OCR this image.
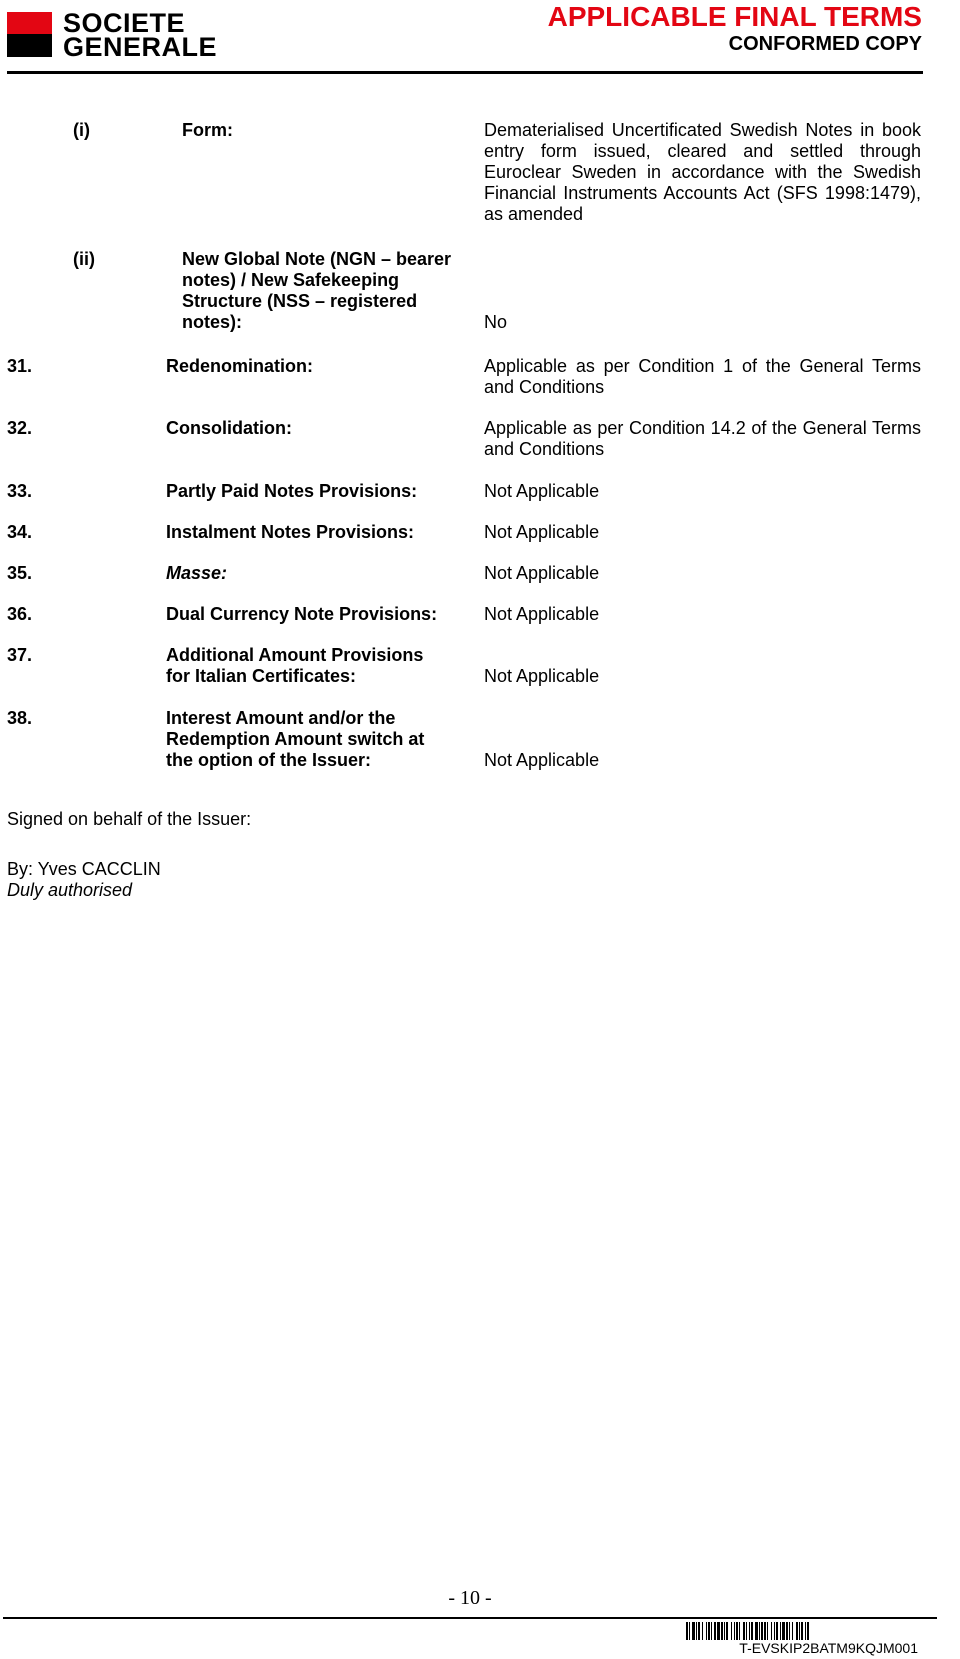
SOCIETE
GENERALE
APPLICABLE FINAL TERMS
CONFORMED COPY
(i)	Form:	Dematerialised Uncertificated Swedish Notes in book entry form issued, cleared and settled through Euroclear Sweden in accordance with the Swedish Financial Instruments Accounts Act (SFS 1998:1479), as amended
(ii)	New Global Note (NGN – bearer notes) / New Safekeeping Structure (NSS – registered notes):	No
31.	Redenomination:	Applicable as per Condition 1 of the General Terms and Conditions
32.	Consolidation:	Applicable as per Condition 14.2 of the General Terms and Conditions
33.	Partly Paid Notes Provisions:	Not Applicable
34.	Instalment Notes Provisions:	Not Applicable
35.	Masse:	Not Applicable
36.	Dual Currency Note Provisions:	Not Applicable
37.	Additional Amount Provisions for Italian Certificates:	Not Applicable
38.	Interest Amount and/or the Redemption Amount switch at the option of the Issuer:	Not Applicable
Signed on behalf of the Issuer:
By: Yves CACCLIN
Duly authorised
- 10 -
T-EVSKIP2BATM9KQJM001
